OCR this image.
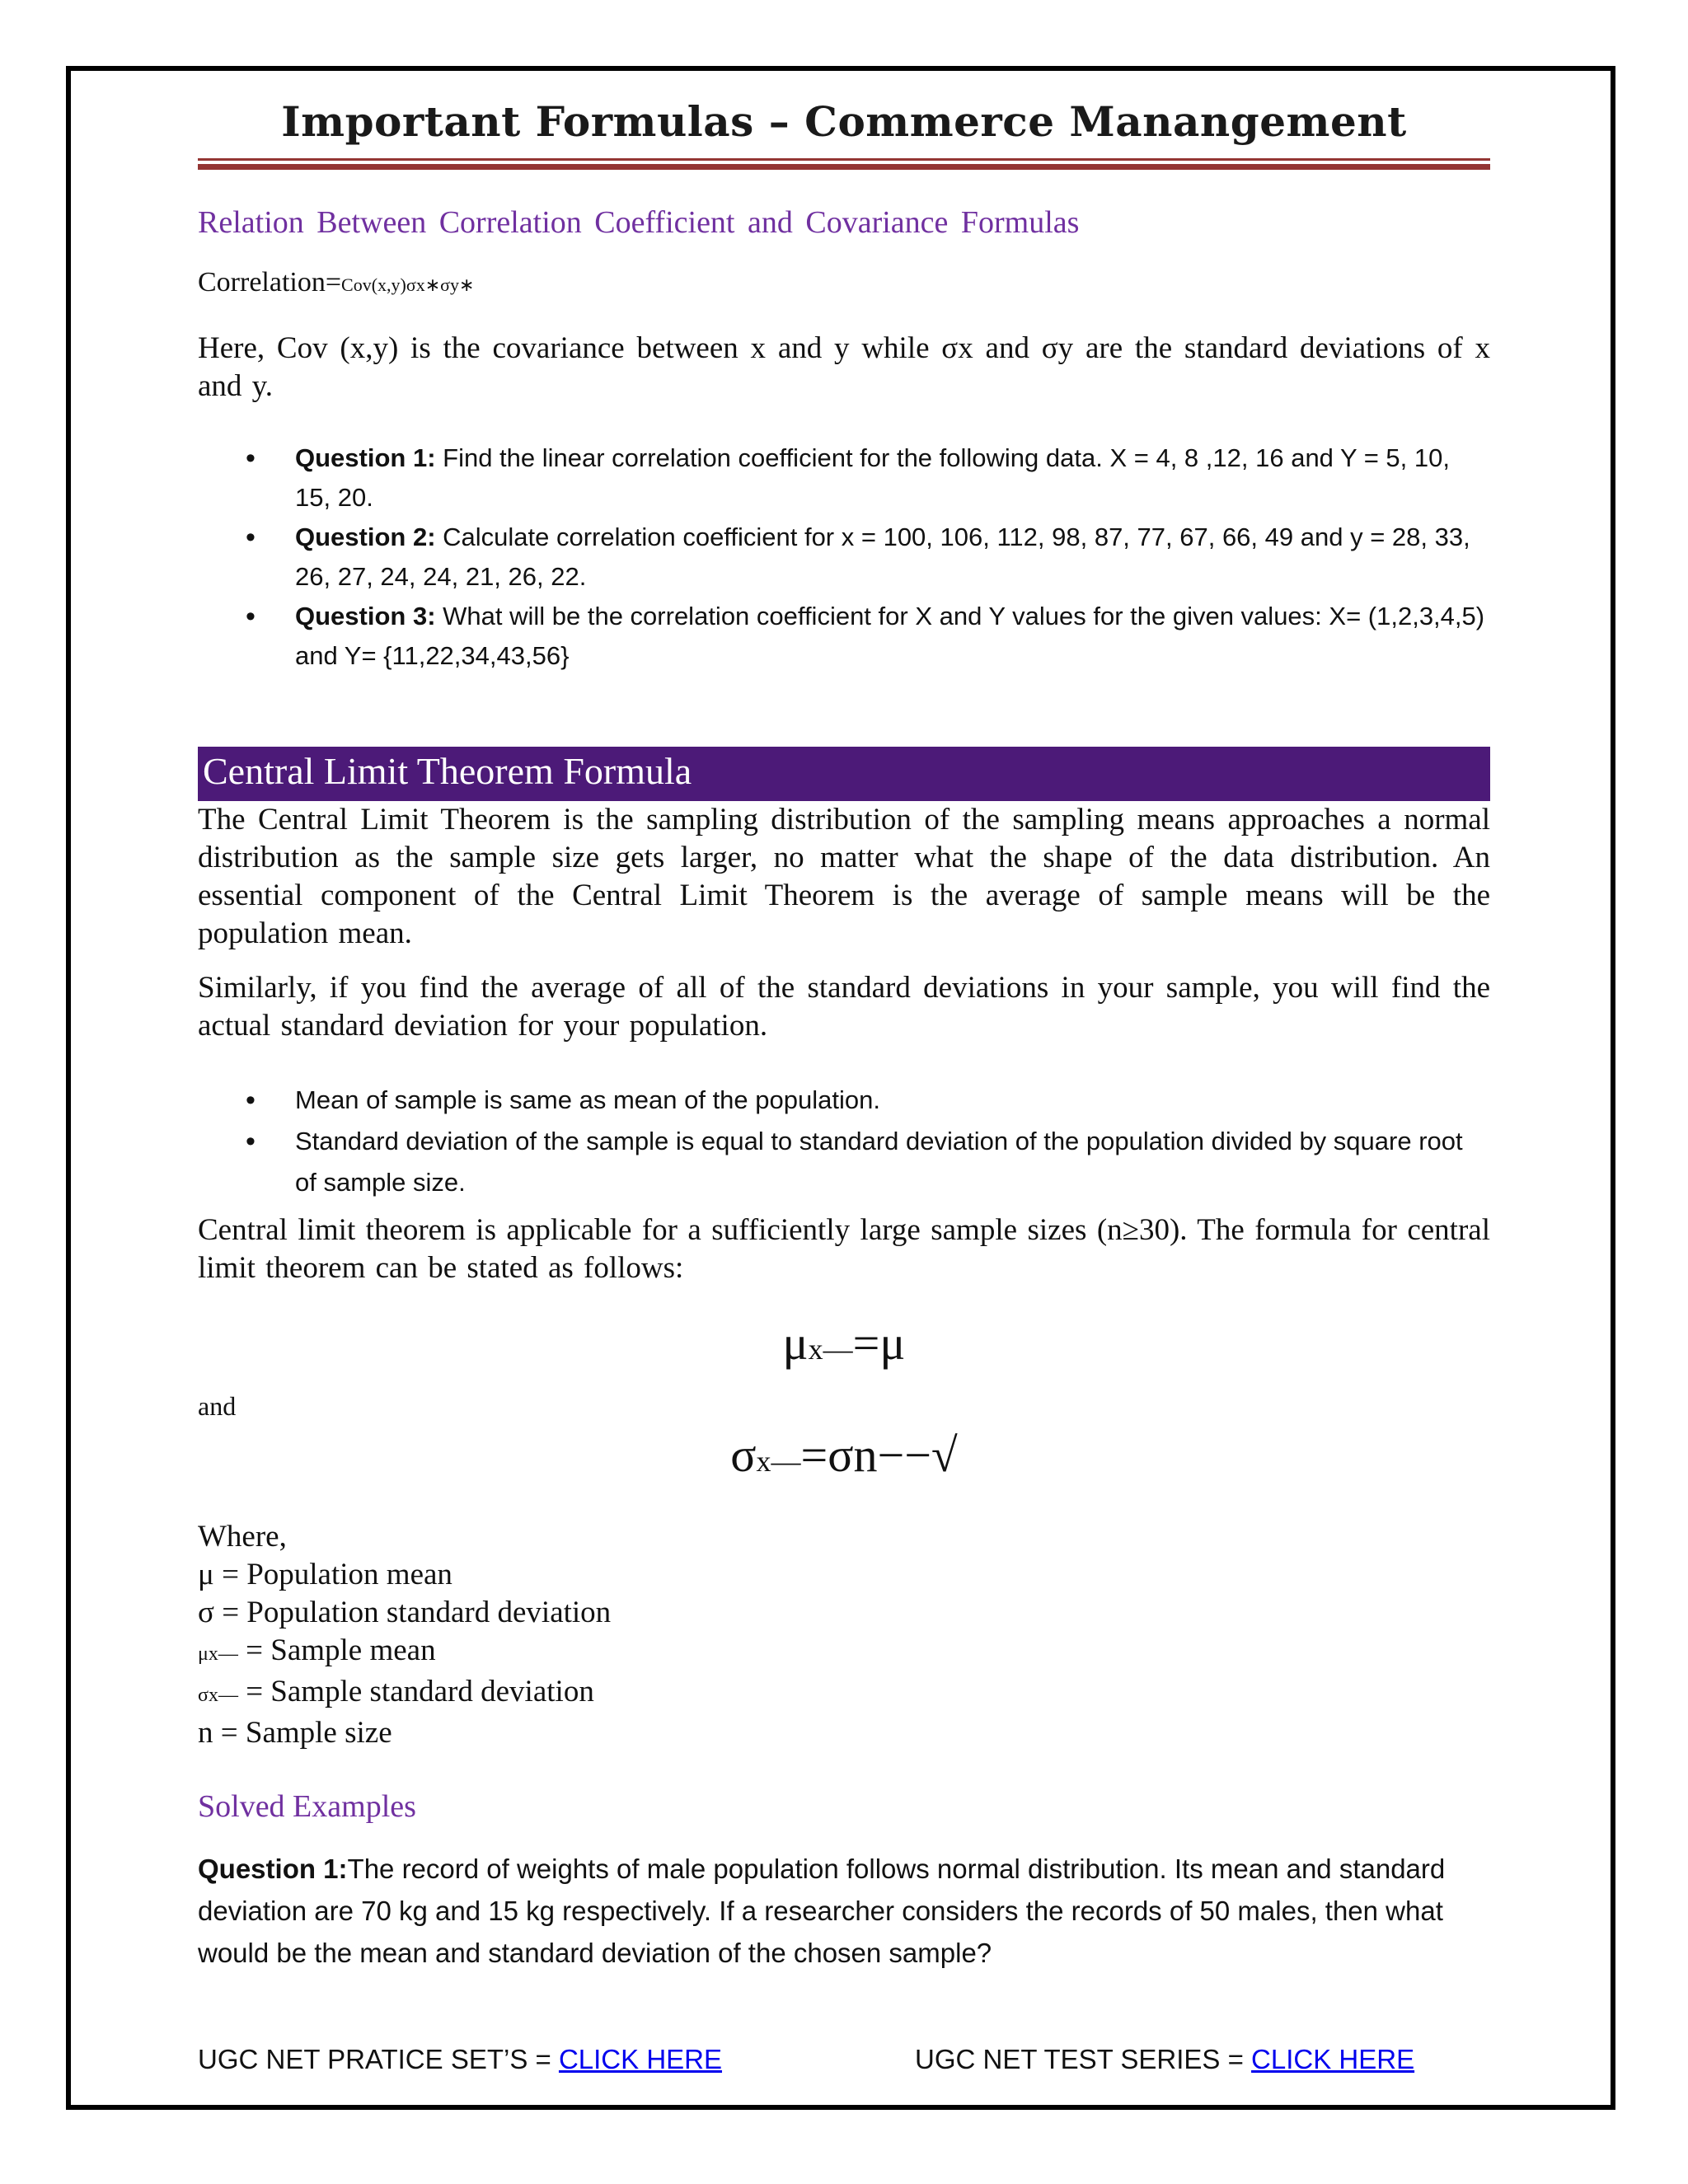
Important Formulas – Commerce Manangement
Relation Between Correlation Coefficient and Covariance Formulas
Correlation=Cov(x,y)σx∗σy∗

Here, Cov (x,y) is the covariance between x and y while σx and σy are the standard deviations of x and y.

• Question 1: Find the linear correlation coefficient for the following data. X = 4, 8 ,12, 16 and Y = 5, 10, 15, 20.
• Question 2: Calculate correlation coefficient for x = 100, 106, 112, 98, 87, 77, 67, 66, 49 and y = 28, 33, 26, 27, 24, 24, 21, 26, 22.
• Question 3: What will be the correlation coefficient for X and Y values for the given values: X= (1,2,3,4,5) and Y= {11,22,34,43,56}
Central Limit Theorem Formula

The Central Limit Theorem is the sampling distribution of the sampling means approaches a normal distribution as the sample size gets larger, no matter what the shape of the data distribution. An essential component of the Central Limit Theorem is the average of sample means will be the population mean.

Similarly, if you find the average of all of the standard deviations in your sample, you will find the actual standard deviation for your population.

• Mean of sample is same as mean of the population.
• Standard deviation of the sample is equal to standard deviation of the population divided by square root of sample size.

Central limit theorem is applicable for a sufficiently large sample sizes (n≥30). The formula for central limit theorem can be stated as follows:

μx—=μ
and
σx—=σn−−√
Where,
μ = Population mean
σ = Population standard deviation
μx— = Sample mean
σx— = Sample standard deviation
n = Sample size
Solved Examples
Question 1:The record of weights of male population follows normal distribution. Its mean and standard deviation are 70 kg and 15 kg respectively. If a researcher considers the records of 50 males, then what would be the mean and standard deviation of the chosen sample?
UGC NET PRATICE SET’S = CLICK HERE	UGC NET TEST SERIES = CLICK HERE
